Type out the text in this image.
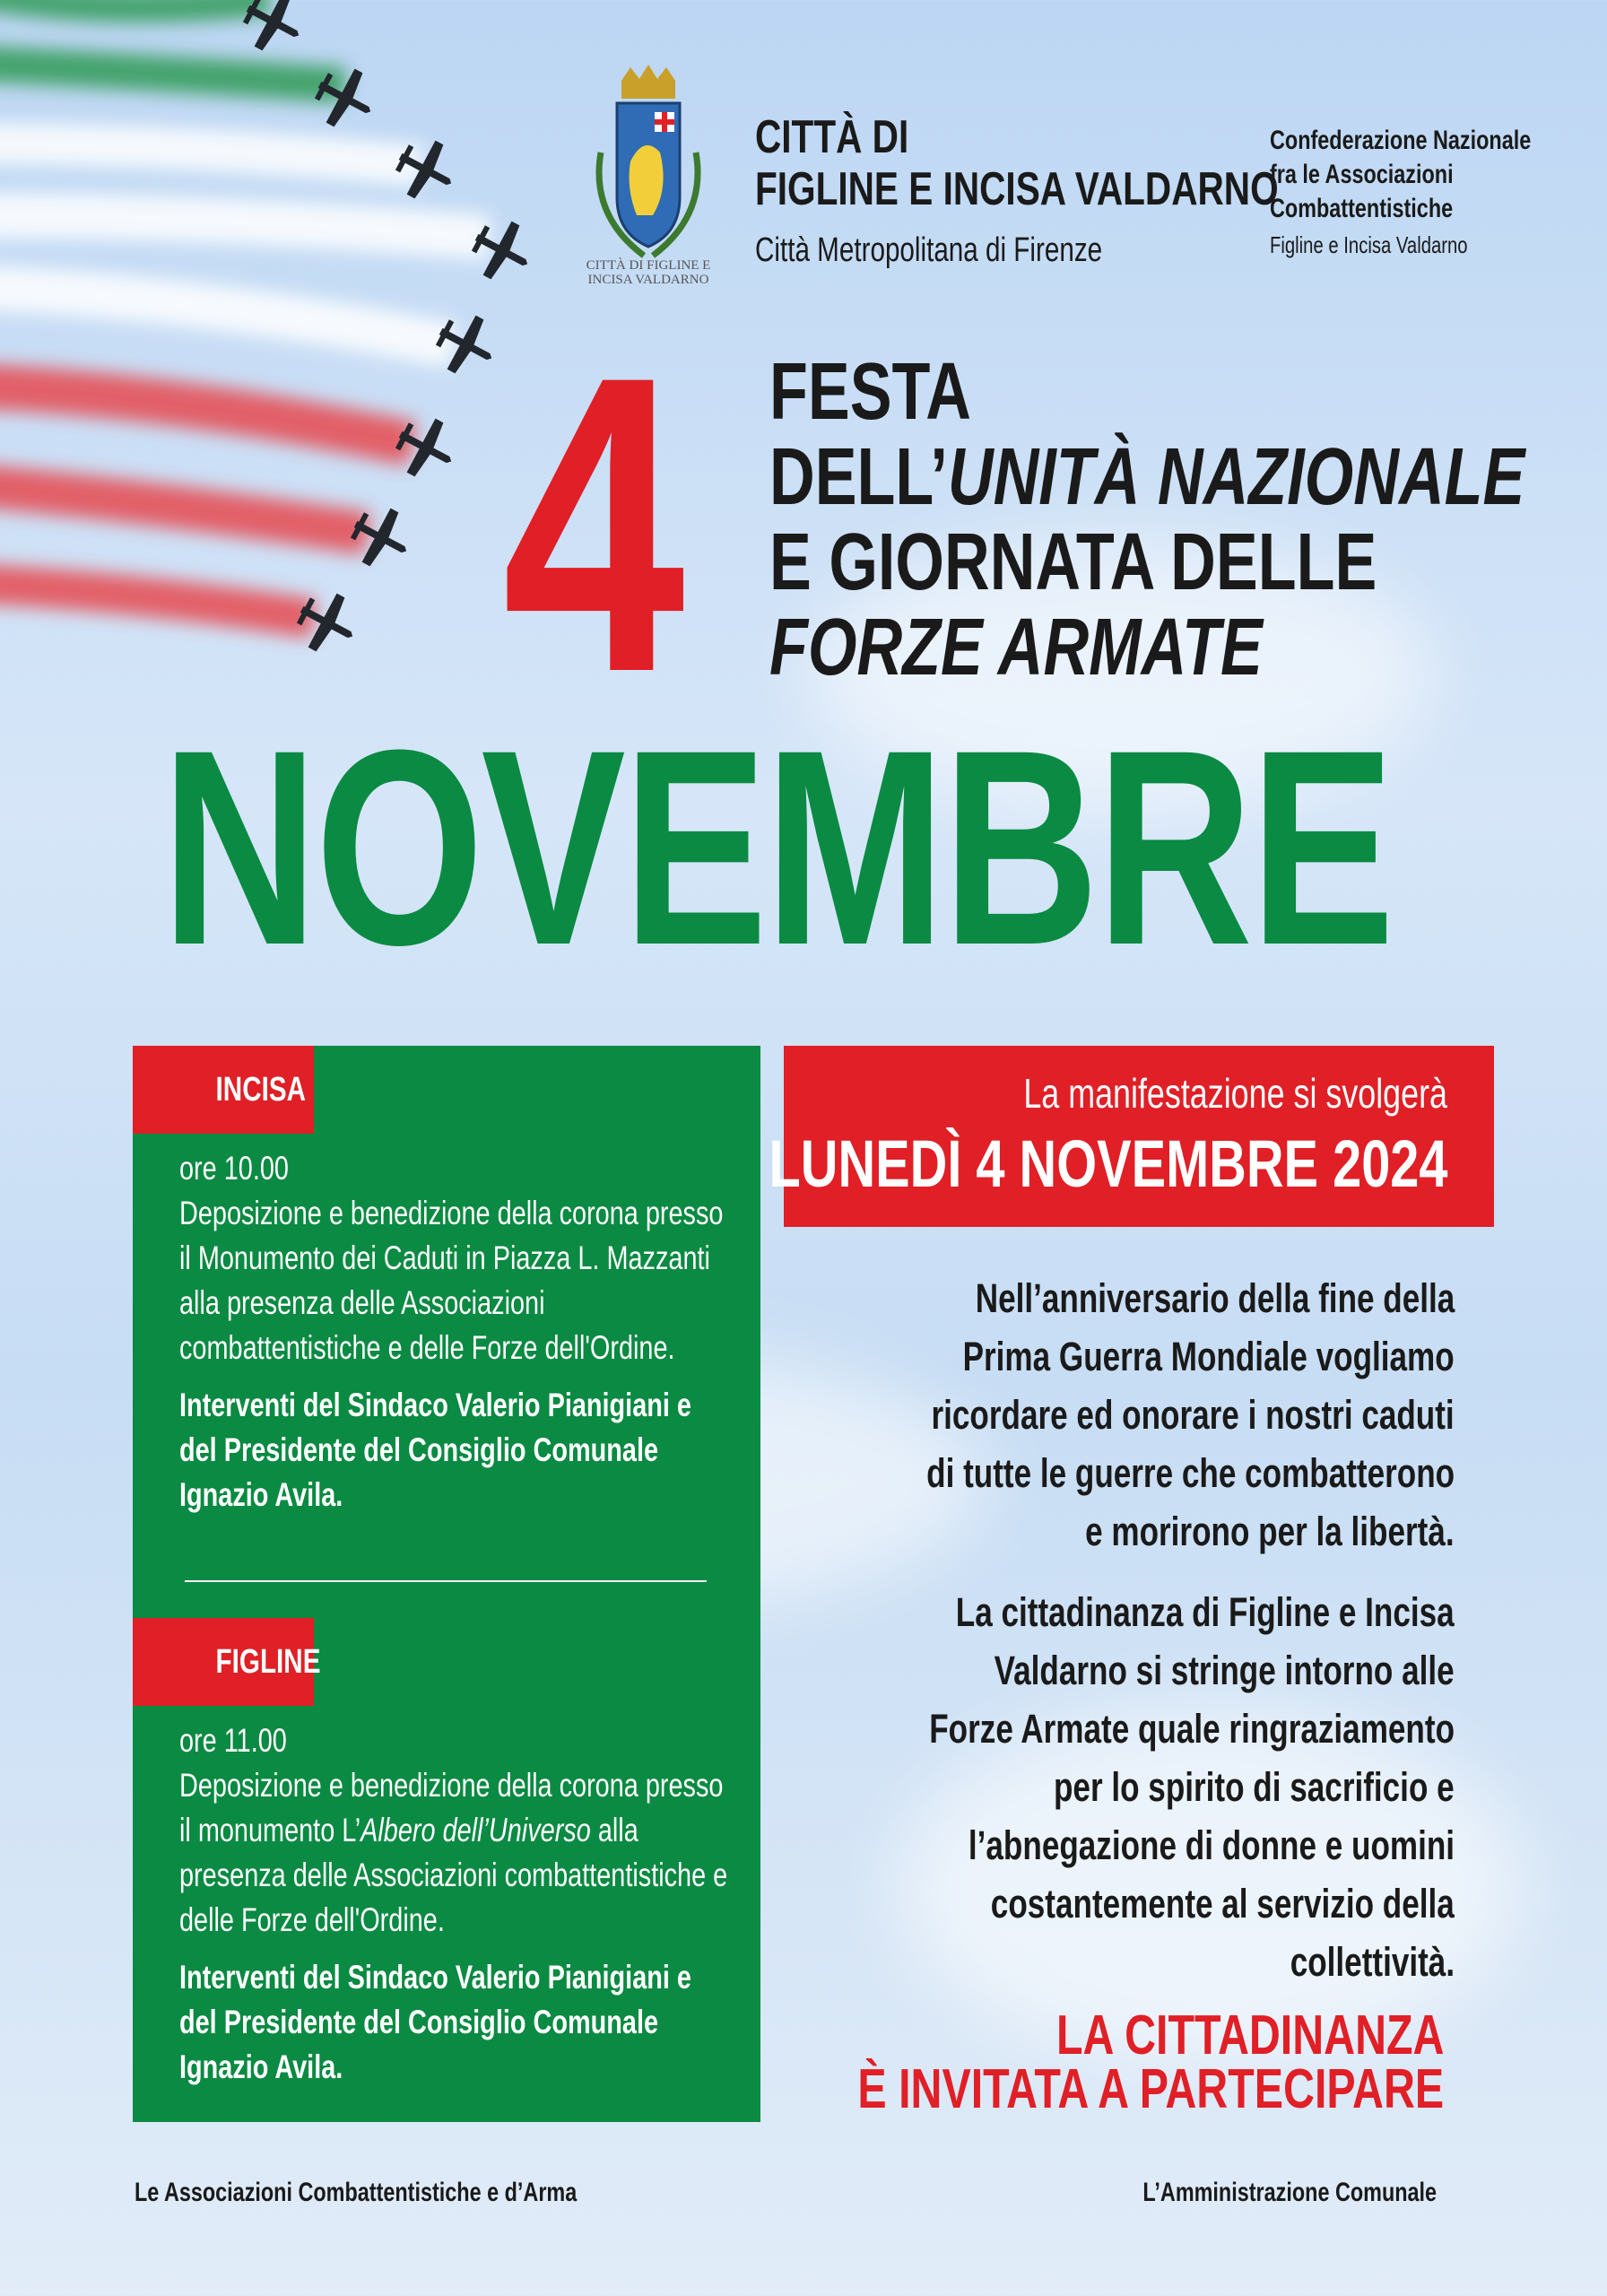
CITTÀ DI FIGLINE E INCISA VALDARNO
CITTÀ DI
FIGLINE E INCISA VALDARNO
Città Metropolitana di Firenze
Confederazione Nazionale
fra le Associazioni
Combattentistiche
Figline e Incisa Valdarno
4 FESTA
DELL’UNITÀ NAZIONALE
E GIORNATA DELLE
FORZE ARMATE
NOVEMBRE
INCISA
ore 10.00
Deposizione e benedizione della corona presso
il Monumento dei Caduti in Piazza L. Mazzanti
alla presenza delle Associazioni
combattentistiche e delle Forze dell'Ordine.
Interventi del Sindaco Valerio Pianigiani e
del Presidente del Consiglio Comunale
Ignazio Avila.
FIGLINE
ore 11.00
Deposizione e benedizione della corona presso
il monumento L’Albero dell’Universo alla
presenza delle Associazioni combattentistiche e
delle Forze dell'Ordine.
Interventi del Sindaco Valerio Pianigiani e
del Presidente del Consiglio Comunale
Ignazio Avila.
La manifestazione si svolgerà
LUNEDÌ 4 NOVEMBRE 2024
Nell’anniversario della fine della
Prima Guerra Mondiale vogliamo
ricordare ed onorare i nostri caduti
di tutte le guerre che combatterono
e morirono per la libertà.
La cittadinanza di Figline e Incisa
Valdarno si stringe intorno alle
Forze Armate quale ringraziamento
per lo spirito di sacrificio e
l’abnegazione di donne e uomini
costantemente al servizio della
collettività.
LA CITTADINANZA
È INVITATA A PARTECIPARE
Le Associazioni Combattentistiche e d’Arma	L’Amministrazione Comunale
